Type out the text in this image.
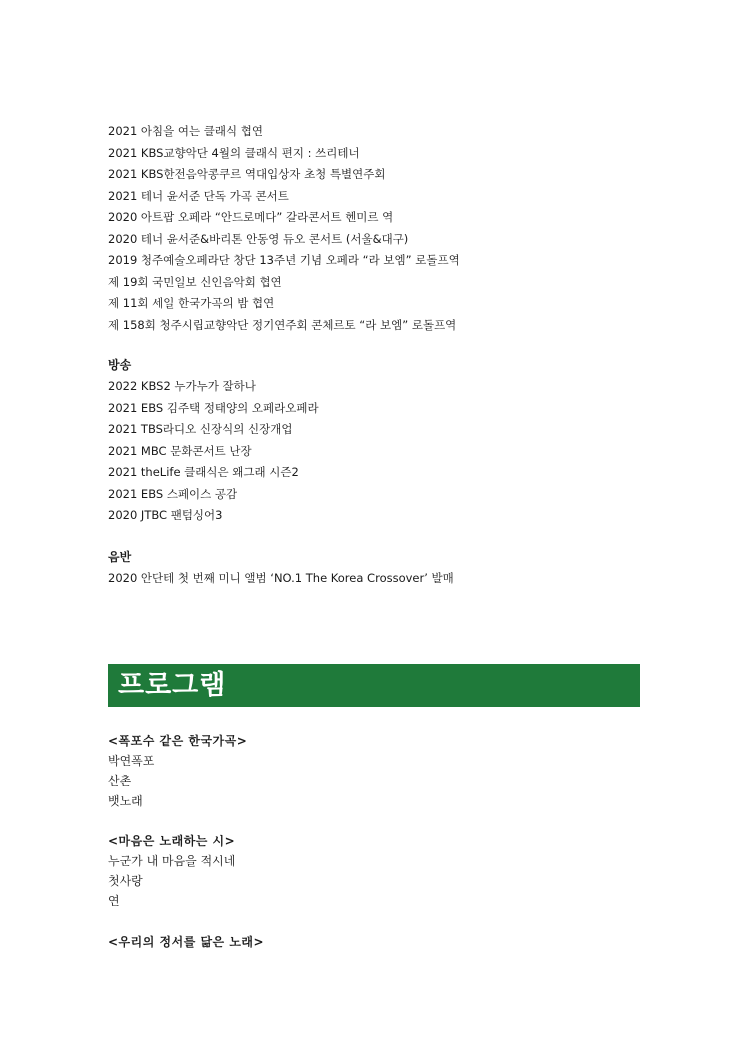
2021 아침을 여는 클래식 협연
2021 KBS교향악단 4월의 클래식 편지 : 쓰리테너
2021 KBS한전음악콩쿠르 역대입상자 초청 특별연주회
2021 테너 윤서준 단독 가곡 콘서트
2020 아트팝 오페라 “안드로메다” 갈라콘서트 헨미르 역
2020 테너 윤서준&바리톤 안동영 듀오 콘서트 (서울&대구)
2019 청주예술오페라단 창단 13주년 기념 오페라 “라 보엠” 로돌프역
제 19회 국민일보 신인음악회 협연
제 11회 세일 한국가곡의 밤 협연
제 158회 청주시립교향악단 정기연주회 콘체르토 “라 보엠” 로돌프역
방송
2022 KBS2 누가누가 잘하나
2021 EBS 김주택 정태양의 오페라오페라
2021 TBS라디오 신장식의 신장개업
2021 MBC 문화콘서트 난장
2021 theLife 클래식은 왜그래 시즌2
2021 EBS 스페이스 공감
2020 JTBC 팬텀싱어3
음반
2020 안단테 첫 번째 미니 앨범 ‘NO.1 The Korea Crossover’ 발매
프로그램
<폭포수 같은 한국가곡>
박연폭포
산촌
뱃노래
<마음은 노래하는 시>
누군가 내 마음을 적시네
첫사랑
연
<우리의 정서를 닮은 노래>
